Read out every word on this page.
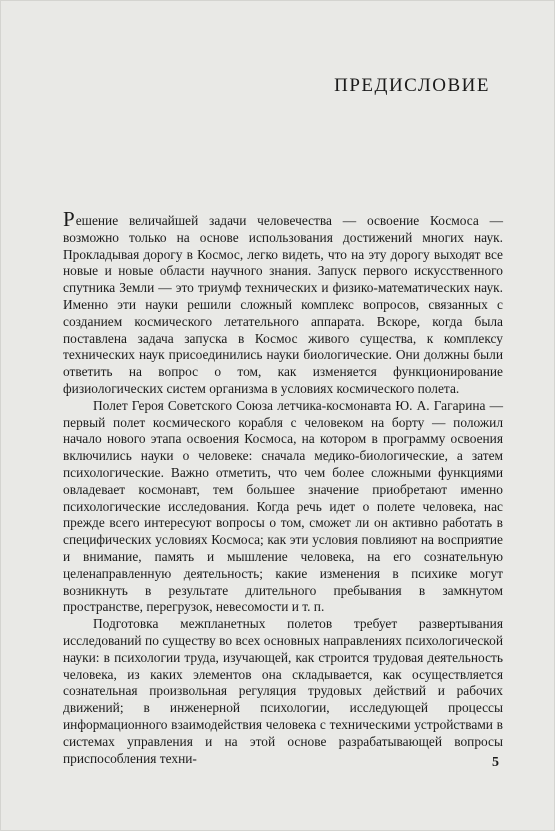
ПРЕДИСЛОВИЕ

Решение величайшей задачи человечества — освоение Космоса — возможно только на основе использования достижений многих наук. Прокладывая дорогу в Космос, легко видеть, что на эту дорогу выходят все новые и новые области научного знания. Запуск первого искусственного спутника Земли — это триумф технических и физико-математических наук. Именно эти науки решили сложный комплекс вопросов, связанных с созданием космического летательного аппарата. Вскоре, когда была поставлена задача запуска в Космос живого существа, к комплексу технических наук присоединились науки биологические. Они должны были ответить на вопрос о том, как изменяется функционирование физиологических систем организма в условиях космического полета.

Полет Героя Советского Союза летчика-космонавта Ю. А. Гагарина — первый полет космического корабля с человеком на борту — положил начало нового этапа освоения Космоса, на котором в программу освоения включились науки о человеке: сначала медико-биологические, а затем психологические. Важно отметить, что чем более сложными функциями овладевает космонавт, тем большее значение приобретают именно психологические исследования. Когда речь идет о полете человека, нас прежде всего интересуют вопросы о том, сможет ли он активно работать в специфических условиях Космоса; как эти условия повлияют на восприятие и внимание, память и мышление человека, на его сознательную целенаправленную деятельность; какие изменения в психике могут возникнуть в результате длительного пребывания в замкнутом пространстве, перегрузок, невесомости и т. п.

Подготовка межпланетных полетов требует развертывания исследований по существу во всех основных направлениях психологической науки: в психологии труда, изучающей, как строится трудовая деятельность человека, из каких элементов она складывается, как осуществляется сознательная произвольная регуляция трудовых действий и рабочих движений; в инженерной психологии, исследующей процессы информационного взаимодействия человека с техническими устройствами в системах управления и на этой основе разрабатывающей вопросы приспособления техни-	5
